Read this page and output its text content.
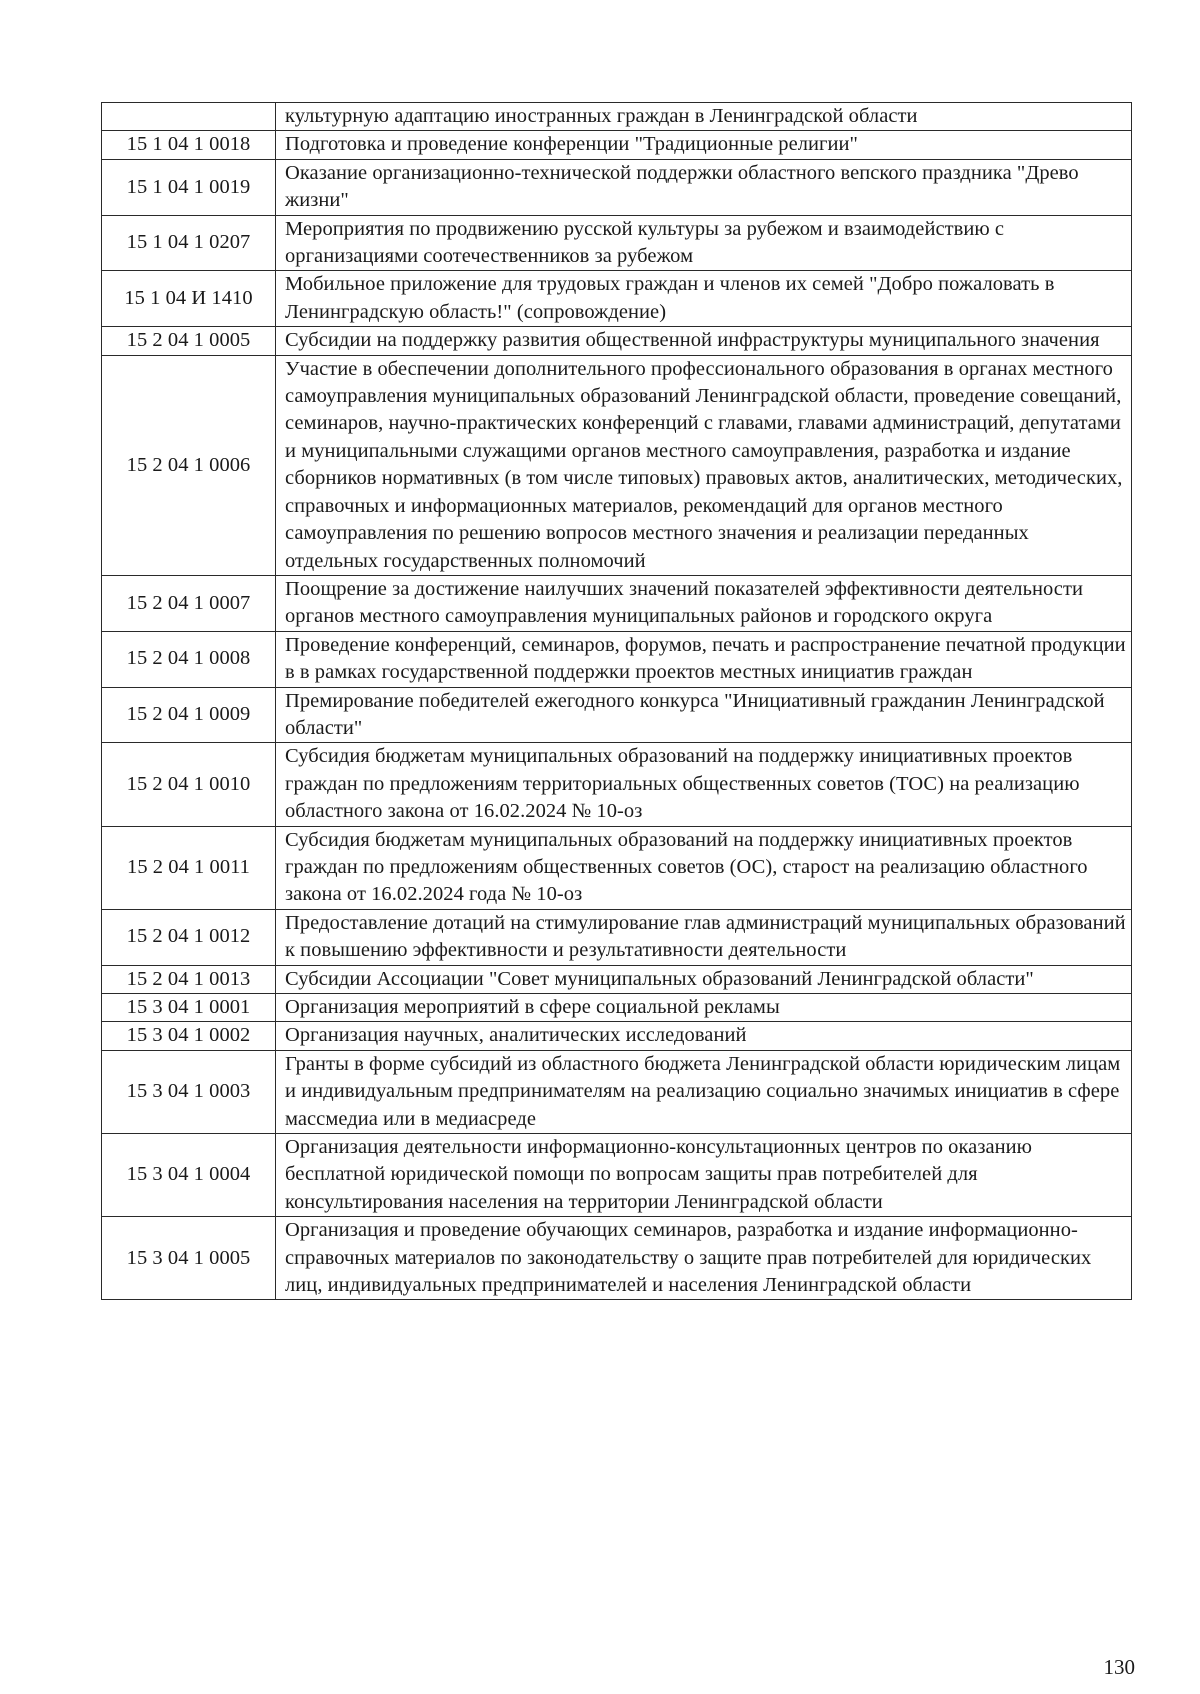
	культурную адаптацию иностранных граждан в Ленинградской области
15 1 04 1 0018	Подготовка и проведение конференции "Традиционные религии"
15 1 04 1 0019	Оказание организационно-технической поддержки областного вепского праздника "Древо жизни"
15 1 04 1 0207	Мероприятия по продвижению русской культуры за рубежом и взаимодействию с организациями соотечественников за рубежом
15 1 04 И 1410	Мобильное приложение для трудовых граждан и членов их семей "Добро пожаловать в Ленинградскую область!" (сопровождение)
15 2 04 1 0005	Субсидии на поддержку развития общественной инфраструктуры муниципального значения
15 2 04 1 0006	Участие в обеспечении дополнительного профессионального образования в органах местного самоуправления муниципальных образований Ленинградской области, проведение совещаний, семинаров, научно-практических конференций с главами, главами администраций, депутатами и муниципальными служащими органов местного самоуправления, разработка и издание сборников нормативных (в том числе типовых) правовых актов, аналитических, методических, справочных и информационных материалов, рекомендаций для органов местного самоуправления по решению вопросов местного значения и реализации переданных отдельных государственных полномочий
15 2 04 1 0007	Поощрение за достижение наилучших значений показателей эффективности деятельности органов местного самоуправления муниципальных районов и городского округа
15 2 04 1 0008	Проведение конференций, семинаров, форумов, печать и распространение печатной продукции в в рамках государственной поддержки проектов местных инициатив граждан
15 2 04 1 0009	Премирование победителей ежегодного конкурса "Инициативный гражданин Ленинградской области"
15 2 04 1 0010	Субсидия бюджетам муниципальных образований на поддержку инициативных проектов граждан по предложениям территориальных общественных советов (ТОС) на реализацию областного закона от 16.02.2024 № 10-оз
15 2 04 1 0011	Субсидия бюджетам муниципальных образований на поддержку инициативных проектов граждан по предложениям общественных советов (ОС), старост на реализацию областного закона от 16.02.2024 года № 10-оз
15 2 04 1 0012	Предоставление дотаций на стимулирование глав администраций муниципальных образований к повышению эффективности и результативности деятельности
15 2 04 1 0013	Субсидии Ассоциации "Совет муниципальных образований Ленинградской области"
15 3 04 1 0001	Организация мероприятий в сфере социальной рекламы
15 3 04 1 0002	Организация научных, аналитических исследований
15 3 04 1 0003	Гранты в форме субсидий из областного бюджета Ленинградской области юридическим лицам и индивидуальным предпринимателям на реализацию социально значимых инициатив в сфере массмедиа или в медиасреде
15 3 04 1 0004	Организация деятельности информационно-консультационных центров по оказанию бесплатной юридической помощи по вопросам защиты прав потребителей для консультирования населения на территории Ленинградской области
15 3 04 1 0005	Организация и проведение обучающих семинаров, разработка и издание информационно-справочных материалов по законодательству о защите прав потребителей для юридических лиц, индивидуальных предпринимателей и населения Ленинградской области
130
